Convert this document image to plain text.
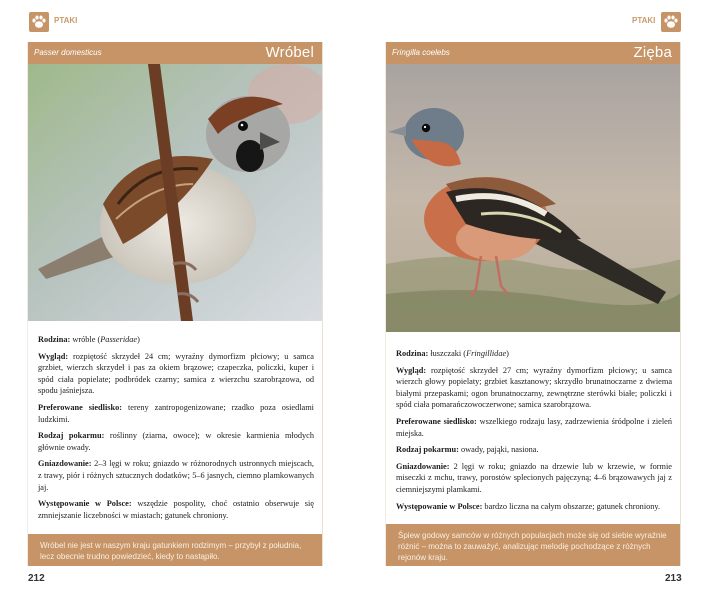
PTAKI
212
PTAKI
213
Passer domesticus	Wróbel

Rodzina: wróble (Passeridae)

Wygląd: rozpiętość skrzydeł 24 cm; wyraźny dymorfizm płciowy; u samca grzbiet, wierzch skrzydeł i pas za okiem brązowe; czapeczka, policzki, kuper i spód ciała popielate; podbródek czarny; samica z wierzchu szarobrązowa, od spodu jaśniejsza.

Preferowane siedlisko: tereny zantropogenizowane; rzadko poza osiedlami ludzkimi.

Rodzaj pokarmu: roślinny (ziarna, owoce); w okresie karmienia młodych głównie owady.

Gniazdowanie: 2–3 lęgi w roku; gniazdo w różnorodnych ustronnych miejscach, z trawy, piór i różnych sztucznych dodatków; 5–6 jasnych, ciemno plamkowanych jaj.

Występowanie w Polsce: wszędzie pospolity, choć ostatnio obserwuje się zmniejszanie liczebności w miastach; gatunek chroniony.

Wróbel nie jest w naszym kraju gatunkiem rodzimym – przybył z południa, lecz obecnie trudno powiedzieć, kiedy to nastąpiło.
Fringilla coelebs	Zięba

Rodzina: łuszczaki (Fringillidae)

Wygląd: rozpiętość skrzydeł 27 cm; wyraźny dymorfizm płciowy; u samca wierzch głowy popielaty; grzbiet kasztanowy; skrzydło brunatnoczarne z dwiema białymi przepaskami; ogon brunatnoczarny, zewnętrzne sterówki białe; policzki i spód ciała pomarańczowoczerwone; samica szarobrązowa.

Preferowane siedlisko: wszelkiego rodzaju lasy, zadrzewienia śródpolne i zieleń miejska.

Rodzaj pokarmu: owady, pająki, nasiona.

Gniazdowanie: 2 lęgi w roku; gniazdo na drzewie lub w krzewie, w formie miseczki z mchu, trawy, porostów splecionych pajęczyną; 4–6 brązowawych jaj z ciemniejszymi plamkami.

Występowanie w Polsce: bardzo liczna na całym obszarze; gatunek chroniony.

Śpiew godowy samców w różnych populacjach może się od siebie wyraźnie różnić – można to zauważyć, analizując melodię pochodzące z różnych rejonów kraju.
